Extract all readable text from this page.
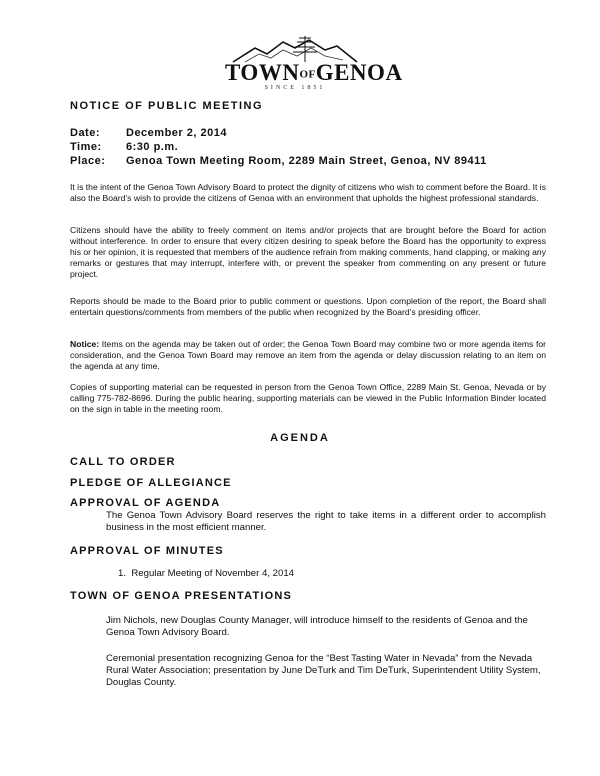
TOWNOFGENOA
SINCE 1851
NOTICE OF PUBLIC MEETING
Date: December 2, 2014
Time: 6:30 p.m.
Place: Genoa Town Meeting Room, 2289 Main Street, Genoa, NV 89411

It is the intent of the Genoa Town Advisory Board to protect the dignity of citizens who wish to comment before the Board. It is also the Board’s wish to provide the citizens of Genoa with an environment that upholds the highest professional standards.

Citizens should have the ability to freely comment on items and/or projects that are brought before the Board for action without interference. In order to ensure that every citizen desiring to speak before the Board has the opportunity to express his or her opinion, it is requested that members of the audience refrain from making comments, hand clapping, or making any remarks or gestures that may interrupt, interfere with, or prevent the speaker from commenting on any present or future project.

Reports should be made to the Board prior to public comment or questions. Upon completion of the report, the Board shall entertain questions/comments from members of the public when recognized by the Board’s presiding officer.

Notice: Items on the agenda may be taken out of order; the Genoa Town Board may combine two or more agenda items for consideration, and the Genoa Town Board may remove an item from the agenda or delay discussion relating to an item on the agenda at any time.

Copies of supporting material can be requested in person from the Genoa Town Office, 2289 Main St. Genoa, Nevada or by calling 775-782-8696. During the public hearing, supporting materials can be viewed in the Public Information Binder located on the sign in table in the meeting room.

AGENDA
CALL TO ORDER
PLEDGE OF ALLEGIANCE
APPROVAL OF AGENDA

The Genoa Town Advisory Board reserves the right to take items in a different order to accomplish business in the most efficient manner.

APPROVAL OF MINUTES
1. Regular Meeting of November 4, 2014
TOWN OF GENOA PRESENTATIONS

Jim Nichols, new Douglas County Manager, will introduce himself to the residents of Genoa and the Genoa Town Advisory Board.

Ceremonial presentation recognizing Genoa for the “Best Tasting Water in Nevada” from the Nevada Rural Water Association; presentation by June DeTurk and Tim DeTurk, Superintendent Utility System, Douglas County.
